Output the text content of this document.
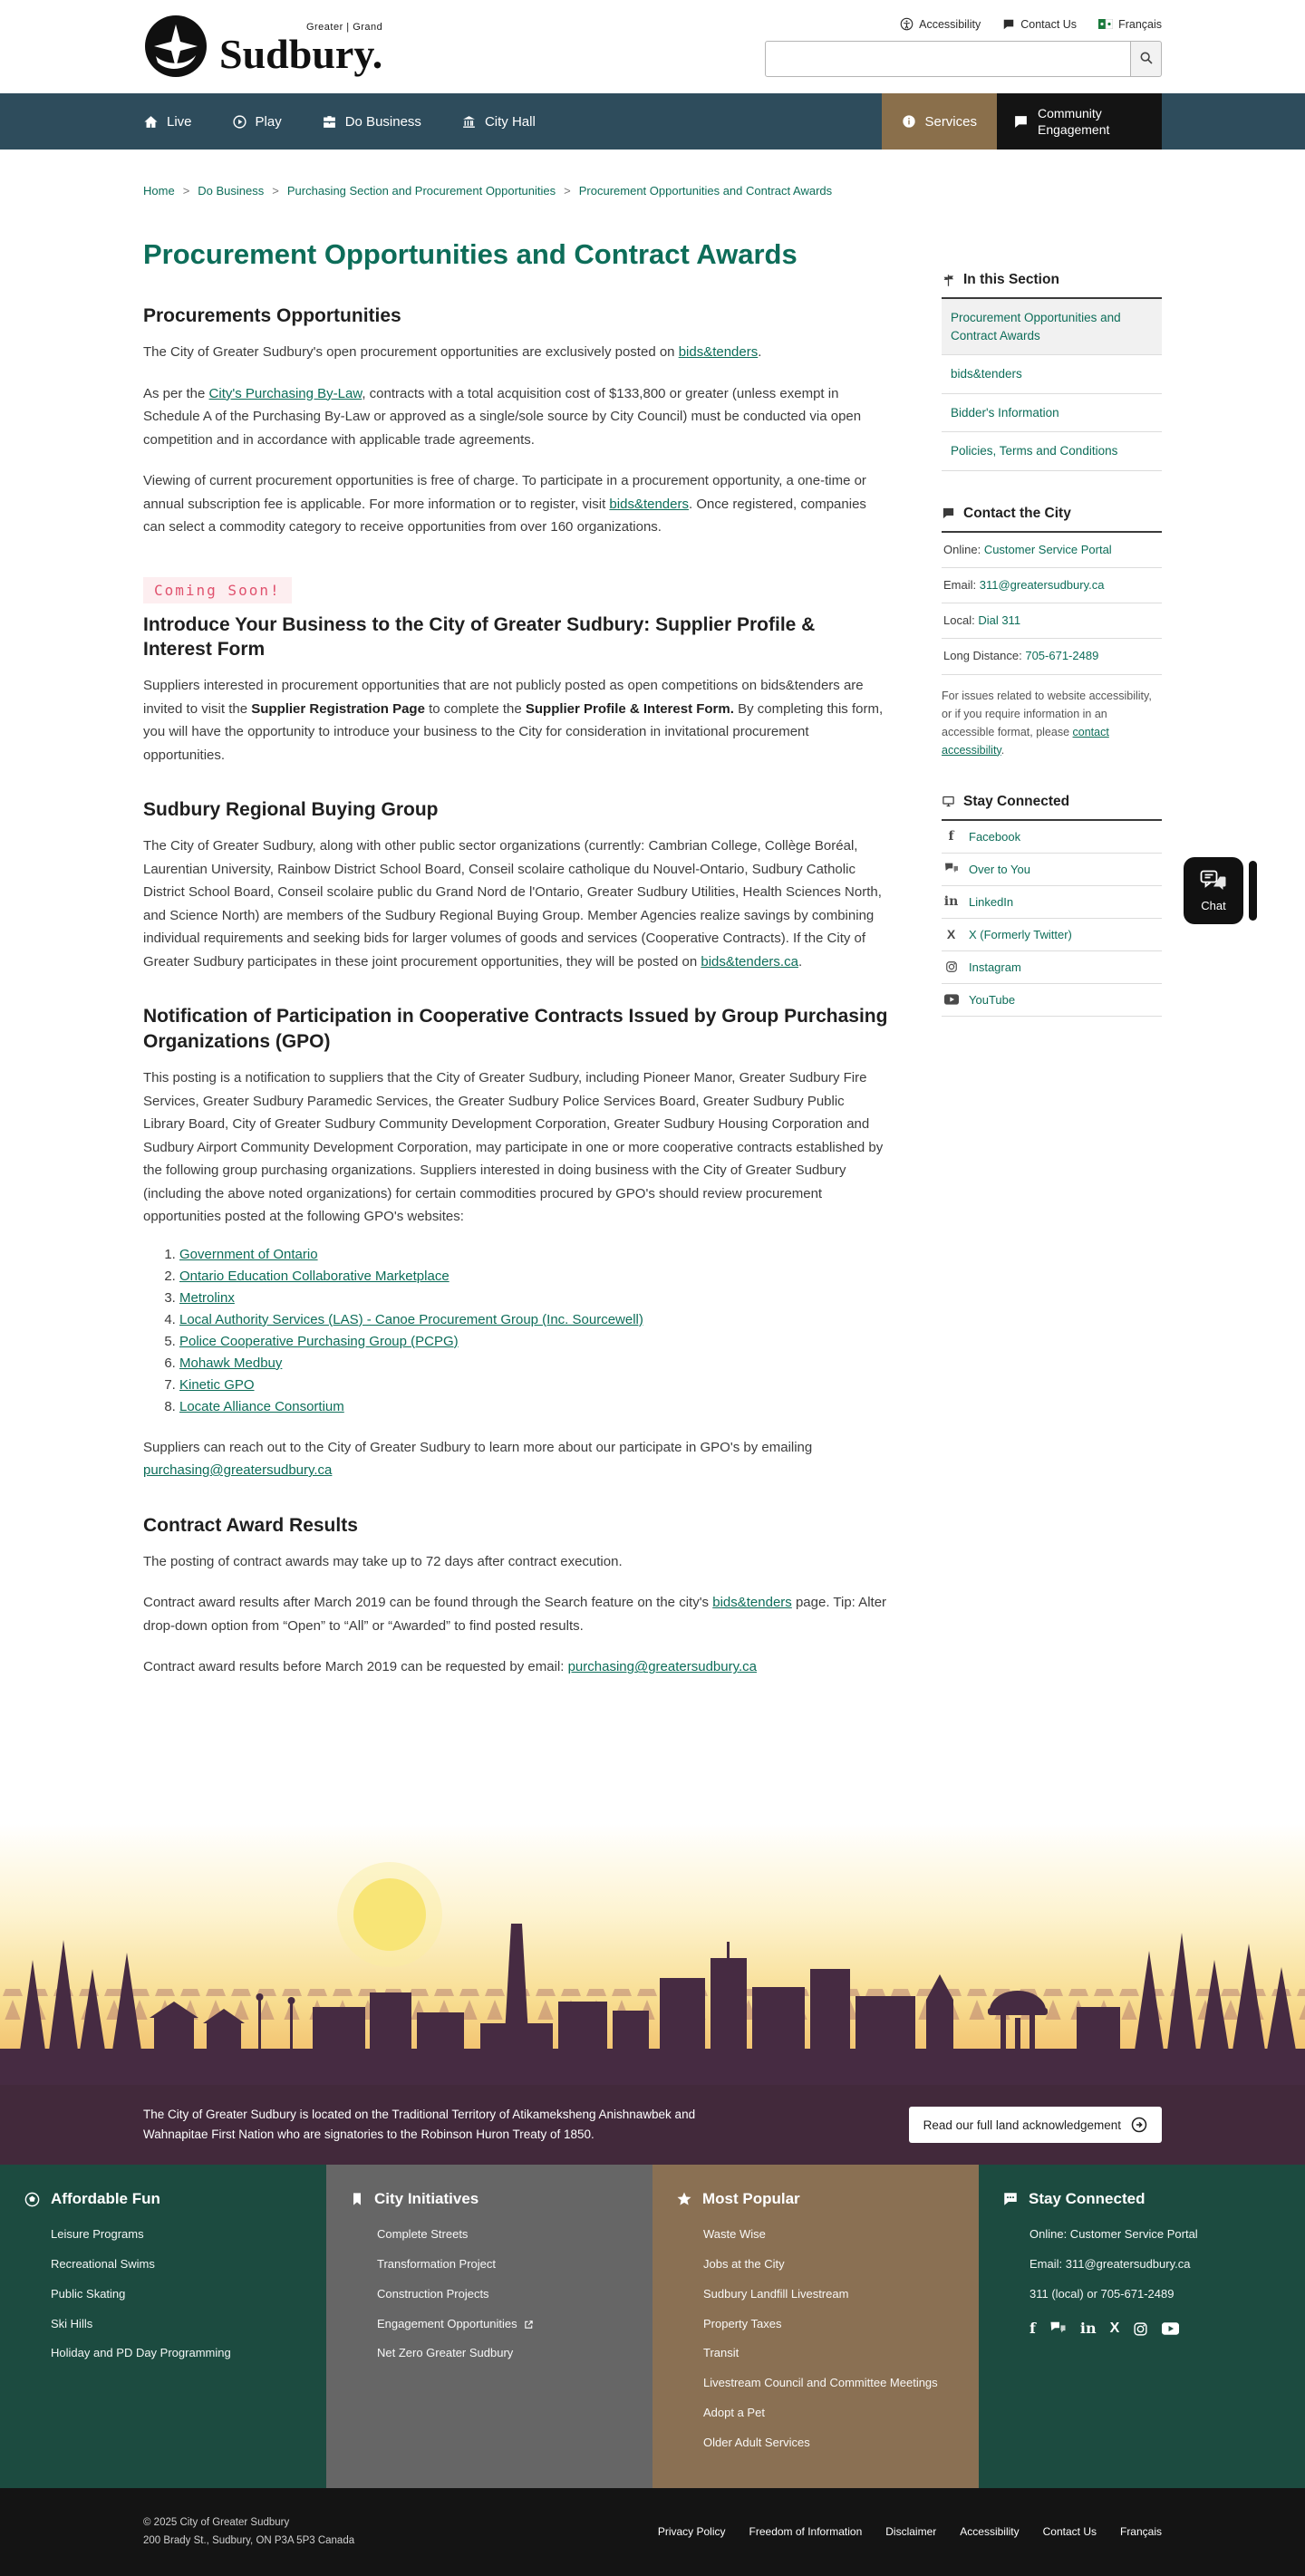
Greater | Grand
Sudbury.
Accessibility	Contact Us	Français
Live	Play	Do Business	City Hall	Services
Community Engagement
Home > Do Business > Purchasing Section and Procurement Opportunities > Procurement Opportunities and Contract Awards
Procurement Opportunities and Contract Awards
Procurements Opportunities

The City of Greater Sudbury's open procurement opportunities are exclusively posted on bids&tenders.

As per the City's Purchasing By-Law, contracts with a total acquisition cost of $133,800 or greater (unless exempt in Schedule A of the Purchasing By-Law or approved as a single/sole source by City Council) must be conducted via open competition and in accordance with applicable trade agreements.

Viewing of current procurement opportunities is free of charge. To participate in a procurement opportunity, a one-time or annual subscription fee is applicable. For more information or to register, visit bids&tenders. Once registered, companies can select a commodity category to receive opportunities from over 160 organizations.

Coming Soon!
Introduce Your Business to the City of Greater Sudbury: Supplier Profile & Interest Form

Suppliers interested in procurement opportunities that are not publicly posted as open competitions on bids&tenders are invited to visit the Supplier Registration Page to complete the Supplier Profile & Interest Form. By completing this form, you will have the opportunity to introduce your business to the City for consideration in invitational procurement opportunities.

Sudbury Regional Buying Group

The City of Greater Sudbury, along with other public sector organizations (currently: Cambrian College, Collège Boréal, Laurentian University, Rainbow District School Board, Conseil scolaire catholique du Nouvel-Ontario, Sudbury Catholic District School Board, Conseil scolaire public du Grand Nord de l'Ontario, Greater Sudbury Utilities, Health Sciences North, and Science North) are members of the Sudbury Regional Buying Group. Member Agencies realize savings by combining individual requirements and seeking bids for larger volumes of goods and services (Cooperative Contracts). If the City of Greater Sudbury participates in these joint procurement opportunities, they will be posted on bids&tenders.ca.

Notification of Participation in Cooperative Contracts Issued by Group Purchasing Organizations (GPO)

This posting is a notification to suppliers that the City of Greater Sudbury, including Pioneer Manor, Greater Sudbury Fire Services, Greater Sudbury Paramedic Services, the Greater Sudbury Police Services Board, Greater Sudbury Public Library Board, City of Greater Sudbury Community Development Corporation, Greater Sudbury Housing Corporation and Sudbury Airport Community Development Corporation, may participate in one or more cooperative contracts established by the following group purchasing organizations. Suppliers interested in doing business with the City of Greater Sudbury (including the above noted organizations) for certain commodities procured by GPO's should review procurement opportunities posted at the following GPO's websites:

1. Government of Ontario
2. Ontario Education Collaborative Marketplace
3. Metrolinx
4. Local Authority Services (LAS) - Canoe Procurement Group (Inc. Sourcewell)
5. Police Cooperative Purchasing Group (PCPG)
6. Mohawk Medbuy
7. Kinetic GPO
8. Locate Alliance Consortium

Suppliers can reach out to the City of Greater Sudbury to learn more about our participate in GPO's by emailing purchasing@greatersudbury.ca

Contract Award Results

The posting of contract awards may take up to 72 days after contract execution.

Contract award results after March 2019 can be found through the Search feature on the city's bids&tenders page. Tip: Alter drop-down option from “Open” to “All” or “Awarded” to find posted results.

Contract award results before March 2019 can be requested by email: purchasing@greatersudbury.ca

In this Section
Procurement Opportunities and Contract Awards
bids&tenders
Bidder's Information
Policies, Terms and Conditions
Contact the City
Online: Customer Service Portal
Email: 311@greatersudbury.ca
Local: Dial 311
Long Distance: 705-671-2489

For issues related to website accessibility, or if you require information in an accessible format, please contact accessibility.

Stay Connected
f Facebook
Over to You
in LinkedIn
X X (Formerly Twitter)
Instagram
YouTube
Chat

The City of Greater Sudbury is located on the Traditional Territory of Atikameksheng Anishnawbek and Wahnapitae First Nation who are signatories to the Robinson Huron Treaty of 1850.

Read our full land acknowledgement
Affordable Fun
Leisure Programs
Recreational Swims
Public Skating
Ski Hills
Holiday and PD Day Programming
City Initiatives
Complete Streets
Transformation Project
Construction Projects
Engagement Opportunities
Net Zero Greater Sudbury
Most Popular
Waste Wise
Jobs at the City
Sudbury Landfill Livestream
Property Taxes
Transit
Livestream Council and Committee Meetings
Adopt a Pet
Older Adult Services
Stay Connected
Online: Customer Service Portal
Email: 311@greatersudbury.ca
311 (local) or 705-671-2489
f	in X
© 2025 City of Greater Sudbury
200 Brady St., Sudbury, ON P3A 5P3 Canada
Privacy Policy Freedom of Information Disclaimer Accessibility Contact Us Français
